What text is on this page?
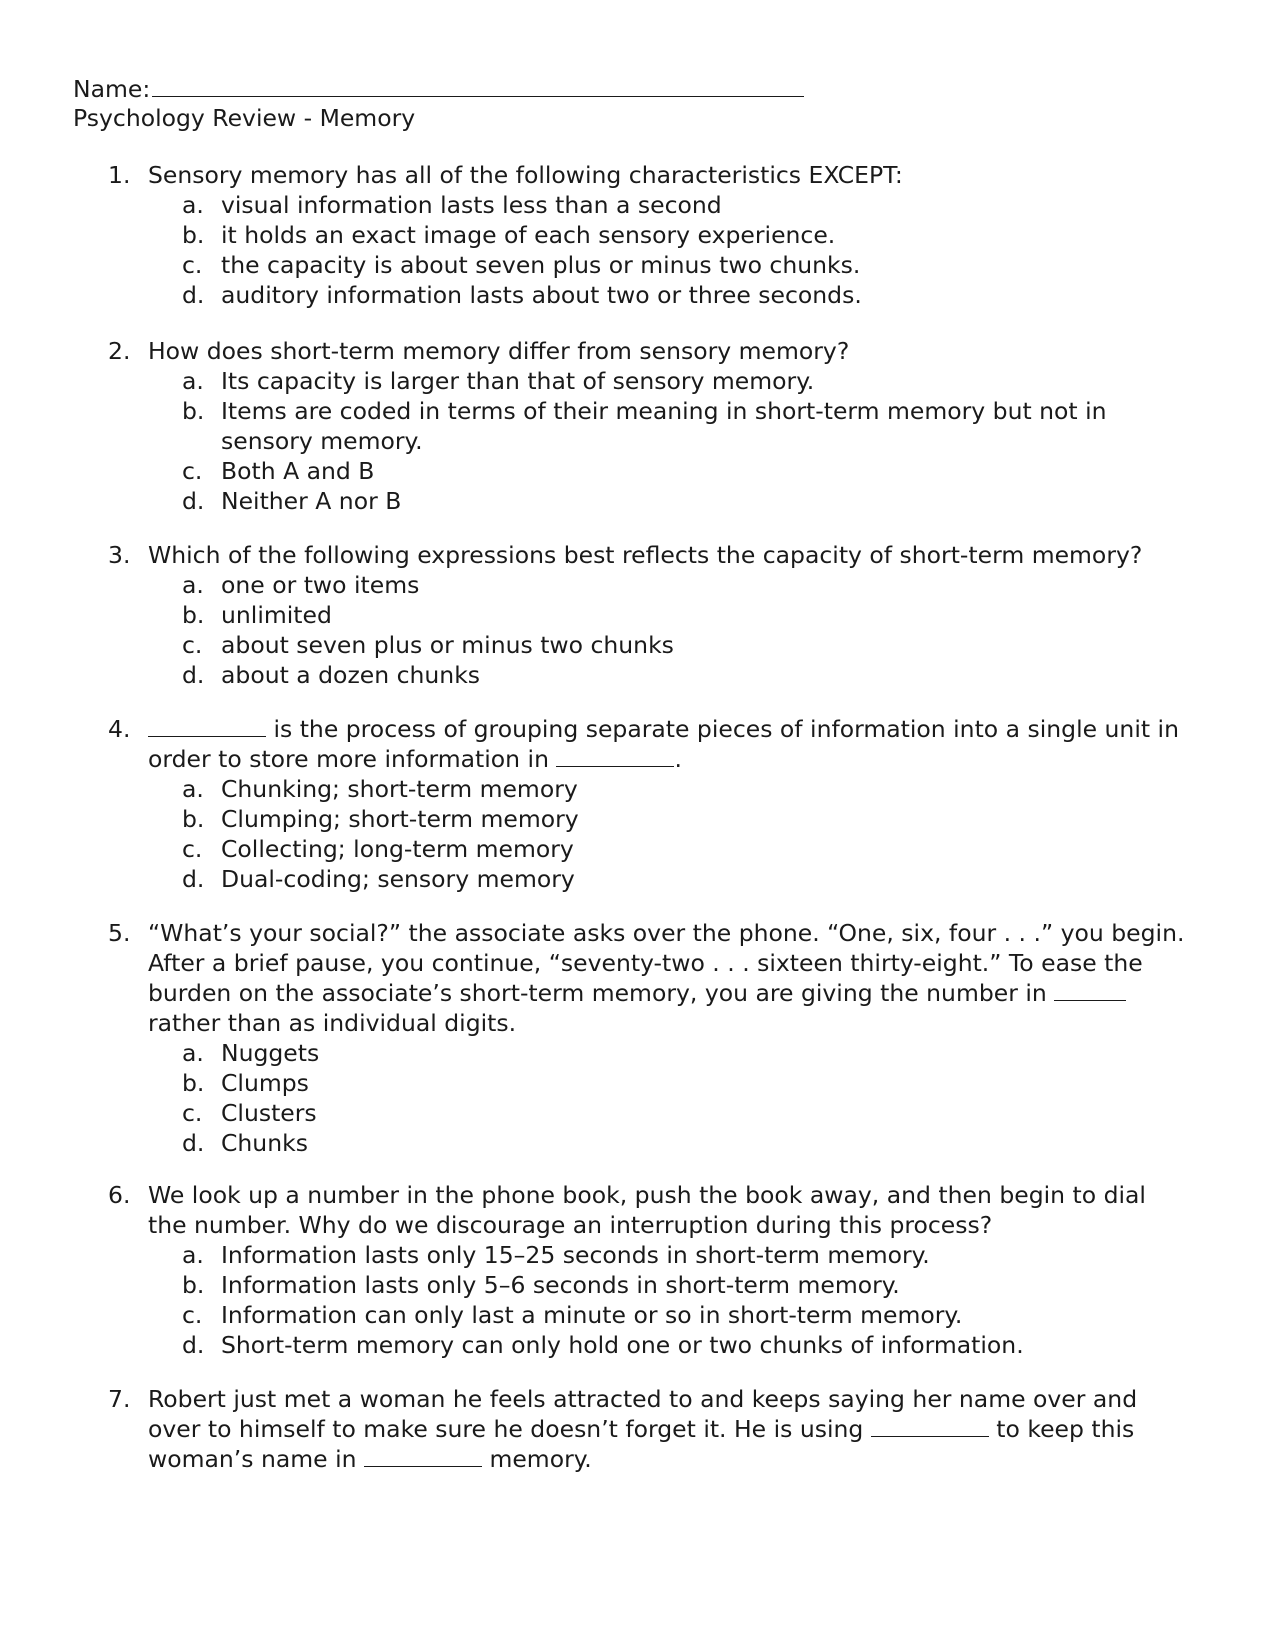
Name:
Psychology Review - Memory
1. Sensory memory has all of the following characteristics EXCEPT:
a. visual information lasts less than a second
b. it holds an exact image of each sensory experience.
c. the capacity is about seven plus or minus two chunks.
d. auditory information lasts about two or three seconds.
2. How does short-term memory differ from sensory memory?
a. Its capacity is larger than that of sensory memory.
b. Items are coded in terms of their meaning in short-term memory but not in
sensory memory.
c. Both A and B
d. Neither A nor B
3. Which of the following expressions best reflects the capacity of short-term memory?
a. one or two items
b. unlimited
c. about seven plus or minus two chunks
d. about a dozen chunks
4.	is the process of grouping separate pieces of information into a single unit in
order to store more information in	.
a. Chunking; short-term memory
b. Clumping; short-term memory
c. Collecting; long-term memory
d. Dual-coding; sensory memory
5. “What’s your social?” the associate asks over the phone. “One, six, four . . .” you begin.
After a brief pause, you continue, “seventy-two . . . sixteen thirty-eight.” To ease the
burden on the associate’s short-term memory, you are giving the number in
rather than as individual digits.
a. Nuggets
b. Clumps
c. Clusters
d. Chunks
6. We look up a number in the phone book, push the book away, and then begin to dial
the number. Why do we discourage an interruption during this process?
a. Information lasts only 15–25 seconds in short-term memory.
b. Information lasts only 5–6 seconds in short-term memory.
c. Information can only last a minute or so in short-term memory.
d. Short-term memory can only hold one or two chunks of information.
7. Robert just met a woman he feels attracted to and keeps saying her name over and
over to himself to make sure he doesn’t forget it. He is using	to keep this
woman’s name in	memory.
